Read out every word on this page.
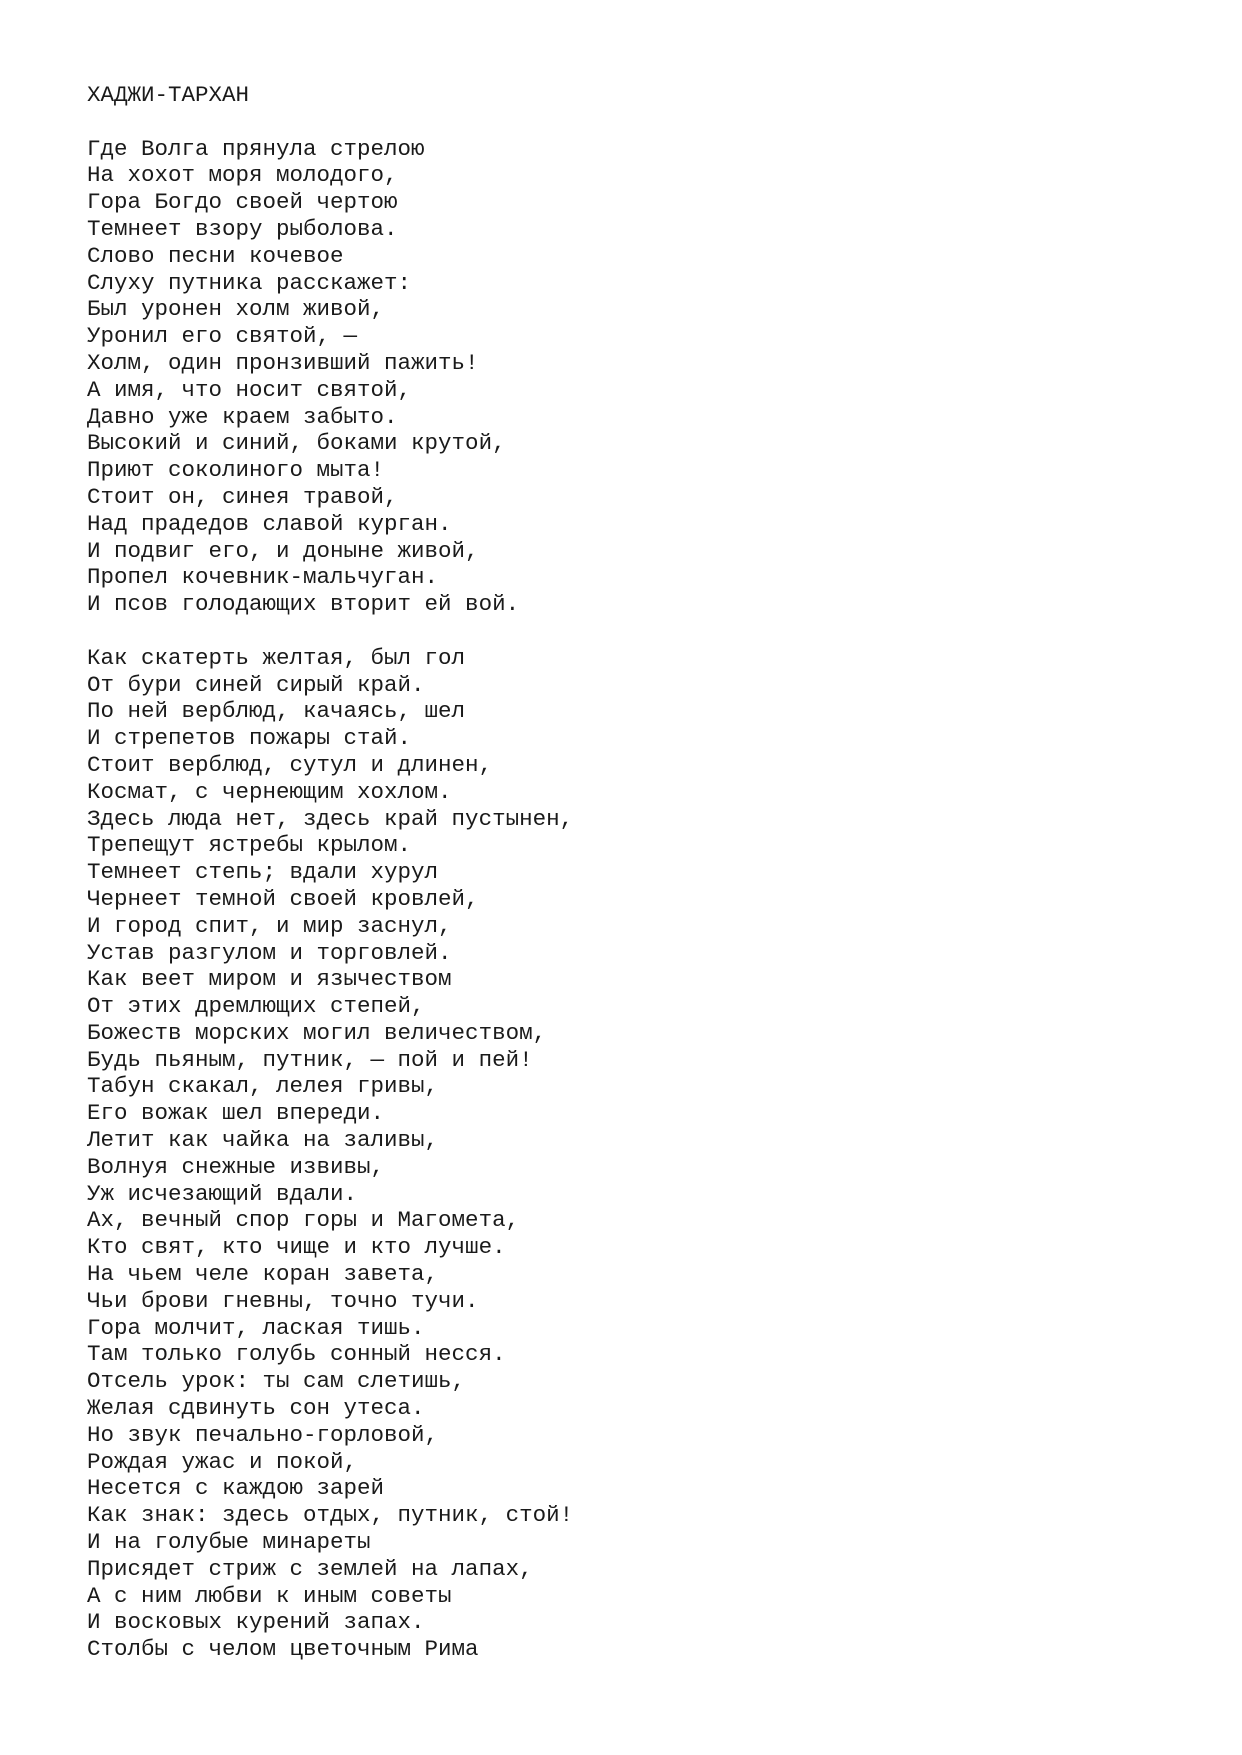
ХАДЖИ-ТАРХАН
Где Волга прянула стрелою
На хохот моря молодого,
Гора Богдо своей чертою
Темнеет взору рыболова.
Слово песни кочевое
Слуху путника расскажет:
Был уронен холм живой,
Уронил его святой, —
Холм, один пронзивший пажить!
А имя, что носит святой,
Давно уже краем забыто.
Высокий и синий, боками крутой,
Приют соколиного мыта!
Стоит он, синея травой,
Над прадедов славой курган.
И подвиг его, и доныне живой,
Пропел кочевник-мальчуган.
И псов голодающих вторит ей вой.
Как скатерть желтая, был гол
От бури синей сирый край.
По ней верблюд, качаясь, шел
И стрепетов пожары стай.
Стоит верблюд, сутул и длинен,
Космат, с чернеющим хохлом.
Здесь люда нет, здесь край пустынен,
Трепещут ястребы крылом.
Темнеет степь; вдали хурул
Чернеет темной своей кровлей,
И город спит, и мир заснул,
Устав разгулом и торговлей.
Как веет миром и язычеством
От этих дремлющих степей,
Божеств морских могил величеством,
Будь пьяным, путник, — пой и пей!
Табун скакал, лелея гривы,
Его вожак шел впереди.
Летит как чайка на заливы,
Волнуя снежные извивы,
Уж исчезающий вдали.
Ах, вечный спор горы и Магомета,
Кто свят, кто чище и кто лучше.
На чьем челе коран завета,
Чьи брови гневны, точно тучи.
Гора молчит, лаская тишь.
Там только голубь сонный несся.
Отсель урок: ты сам слетишь,
Желая сдвинуть сон утеса.
Но звук печально-горловой,
Рождая ужас и покой,
Несется с каждою зарей
Как знак: здесь отдых, путник, стой!
И на голубые минареты
Присядет стриж с землей на лапах,
А с ним любви к иным советы
И восковых курений запах.
Столбы с челом цветочным Рима
